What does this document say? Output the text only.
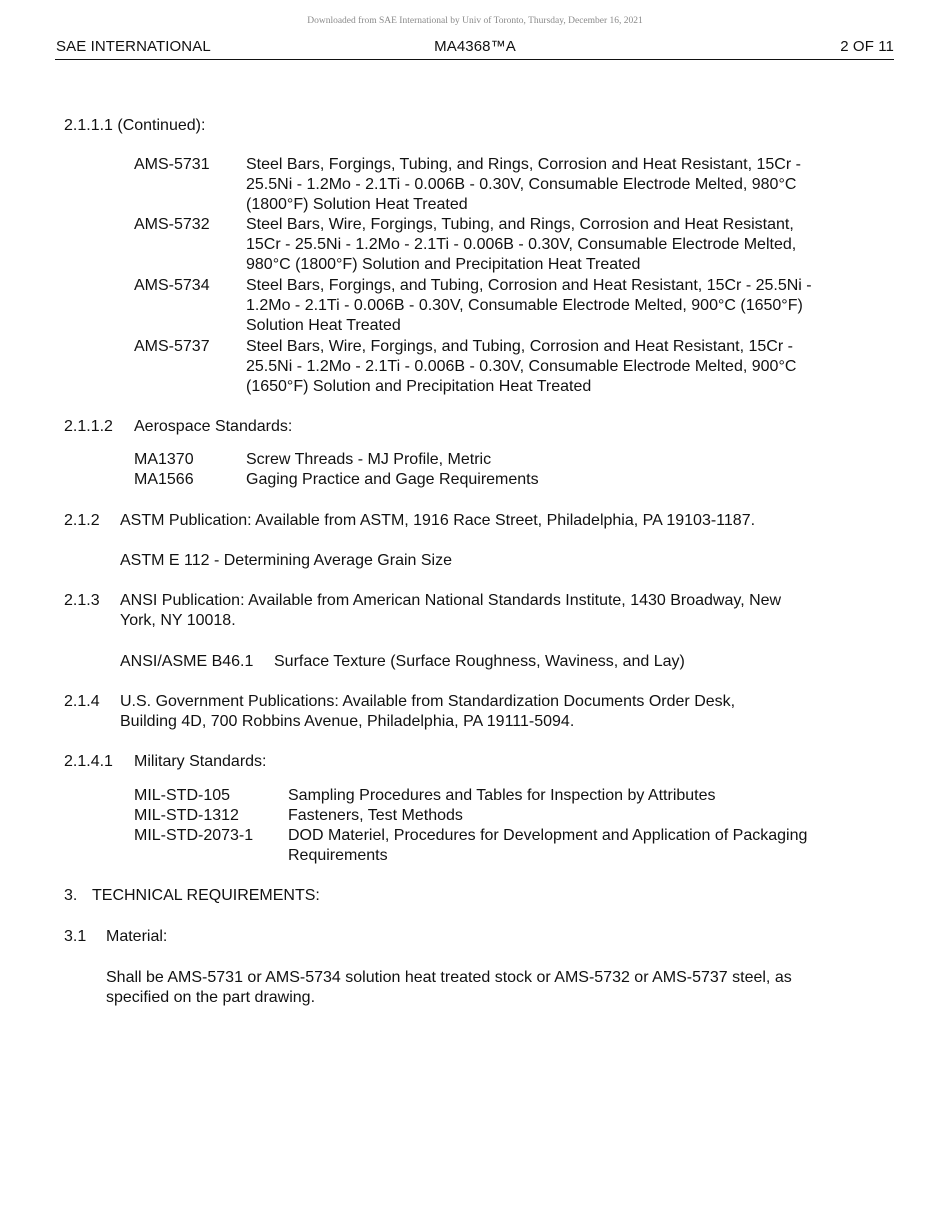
Downloaded from SAE International by Univ of Toronto, Thursday, December 16, 2021
SAE INTERNATIONAL	MA4368™A	2 OF 11
2.1.1.1 (Continued):
AMS-5731 Steel Bars, Forgings, Tubing, and Rings, Corrosion and Heat Resistant, 15Cr -
25.5Ni - 1.2Mo - 2.1Ti - 0.006B - 0.30V, Consumable Electrode Melted, 980°C
(1800°F) Solution Heat Treated
AMS-5732 Steel Bars, Wire, Forgings, Tubing, and Rings, Corrosion and Heat Resistant,
15Cr - 25.5Ni - 1.2Mo - 2.1Ti - 0.006B - 0.30V, Consumable Electrode Melted,
980°C (1800°F) Solution and Precipitation Heat Treated
AMS-5734 Steel Bars, Forgings, and Tubing, Corrosion and Heat Resistant, 15Cr - 25.5Ni -
1.2Mo - 2.1Ti - 0.006B - 0.30V, Consumable Electrode Melted, 900°C (1650°F)
Solution Heat Treated
AMS-5737 Steel Bars, Wire, Forgings, and Tubing, Corrosion and Heat Resistant, 15Cr -
25.5Ni - 1.2Mo - 2.1Ti - 0.006B - 0.30V, Consumable Electrode Melted, 900°C
(1650°F) Solution and Precipitation Heat Treated
2.1.1.2 Aerospace Standards:
MA1370	Screw Threads - MJ Profile, Metric
MA1566	Gaging Practice and Gage Requirements
2.1.2 ASTM Publication: Available from ASTM, 1916 Race Street, Philadelphia, PA 19103-1187.
ASTM E 112 - Determining Average Grain Size
2.1.3 ANSI Publication: Available from American National Standards Institute, 1430 Broadway, New
York, NY 10018.
ANSI/ASME B46.1 Surface Texture (Surface Roughness, Waviness, and Lay)
2.1.4 U.S. Government Publications: Available from Standardization Documents Order Desk,
Building 4D, 700 Robbins Avenue, Philadelphia, PA 19111-5094.
2.1.4.1 Military Standards:
MIL-STD-105	Sampling Procedures and Tables for Inspection by Attributes
MIL-STD-1312	Fasteners, Test Methods
MIL-STD-2073-1 DOD Materiel, Procedures for Development and Application of Packaging
Requirements
3. TECHNICAL REQUIREMENTS:
3.1 Material:
Shall be AMS-5731 or AMS-5734 solution heat treated stock or AMS-5732 or AMS-5737 steel, as
specified on the part drawing.
